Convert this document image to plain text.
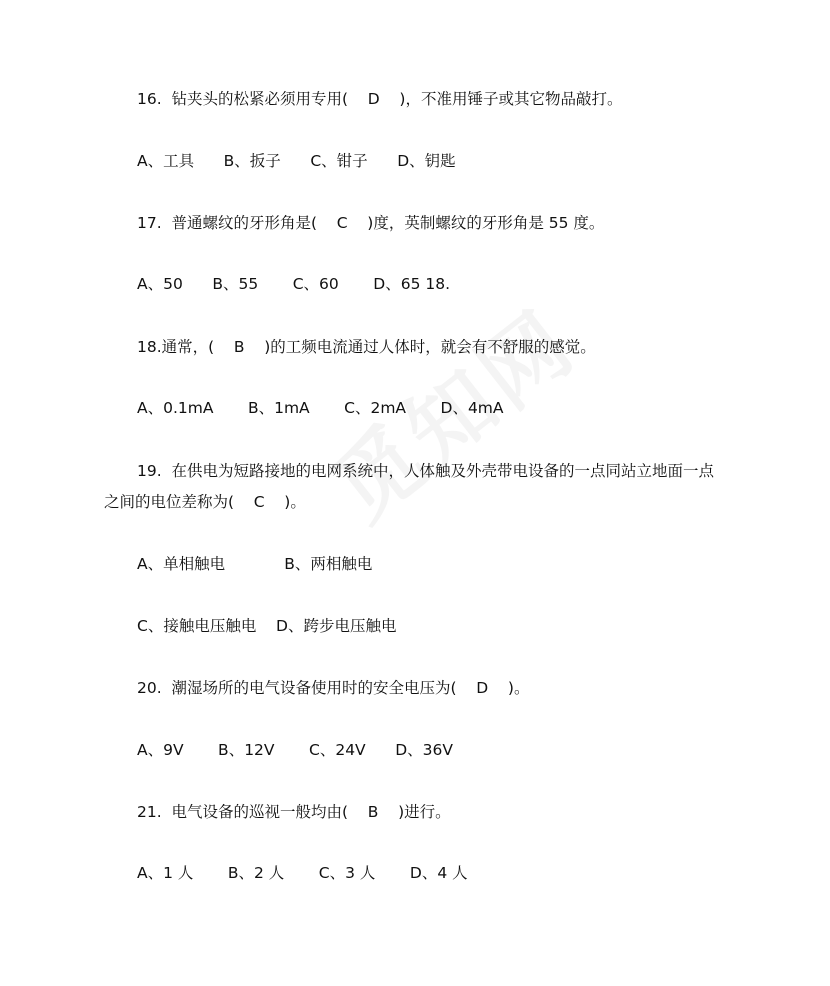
16.  钻夹头的松紧必须用专用(    D    )，不准用锤子或其它物品敲打。
A、工具      B、扳子      C、钳子      D、钥匙
17.  普通螺纹的牙形角是(    C    )度，英制螺纹的牙形角是 55 度。
A、50      B、55       C、60       D、65 18.
18.通常，(    B    )的工频电流通过人体时，就会有不舒服的感觉。
A、0.1mA       B、1mA       C、2mA       D、4mA
19.  在供电为短路接地的电网系统中，人体触及外壳带电设备的一点同站立地面一点
之间的电位差称为(    C    )。
A、单相触电            B、两相触电
C、接触电压触电    D、跨步电压触电
20.  潮湿场所的电气设备使用时的安全电压为(    D    )。
A、9V       B、12V       C、24V      D、36V
21.  电气设备的巡视一般均由(    B    )进行。
A、1 人       B、2 人       C、3 人       D、4 人
